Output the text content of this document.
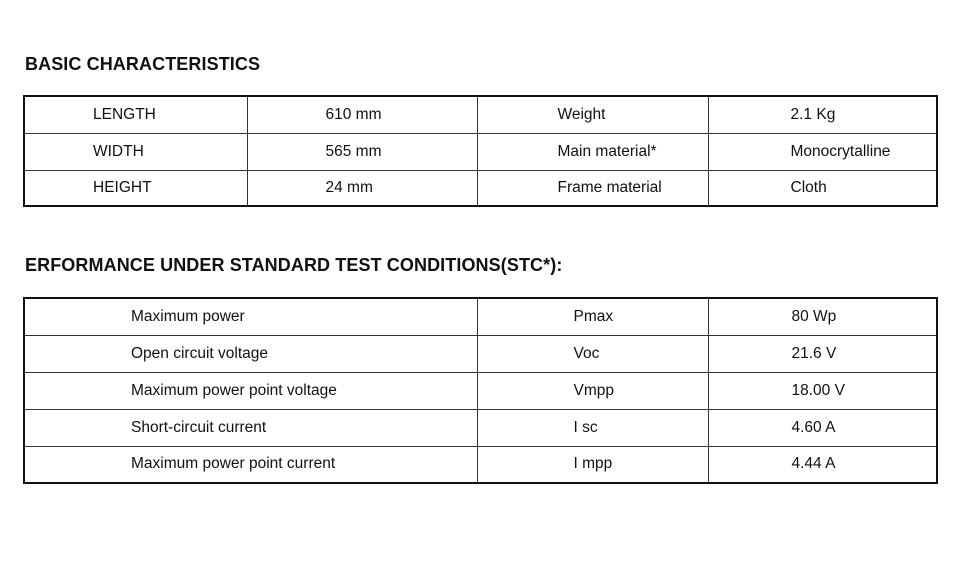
BASIC CHARACTERISTICS
LENGTH	610 mm	Weight	2.1 Kg
WIDTH	565 mm	Main material*	Monocrytalline
HEIGHT	24 mm	Frame material	Cloth
ERFORMANCE UNDER STANDARD TEST CONDITIONS(STC*):
Maximum power	Pmax	80 Wp
Open circuit voltage	Voc	21.6 V
Maximum power point voltage	Vmpp	18.00 V
Short-circuit current	I sc	4.60 A
Maximum power point current	I mpp	4.44 A
